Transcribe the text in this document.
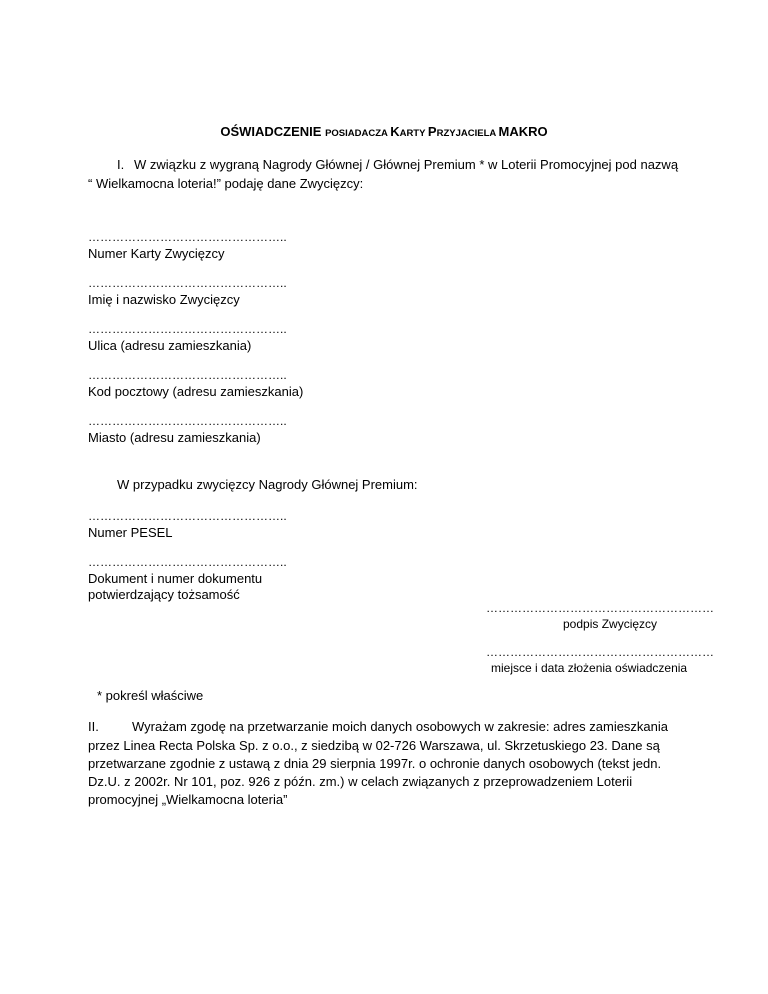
OŚWIADCZENIE POSIADACZA KARTY PRZYJACIELA MAKRO
I. W związku z wygraną Nagrody Głównej / Głównej Premium * w Loterii Promocyjnej pod nazwą
“ Wielkamocna loteria!” podaję dane Zwycięzcy:
…………………………………………..
Numer Karty Zwycięzcy
…………………………………………..
Imię i nazwisko Zwycięzcy
…………………………………………..
Ulica (adresu zamieszkania)
…………………………………………..
Kod pocztowy (adresu zamieszkania)
…………………………………………..
Miasto (adresu zamieszkania)
W przypadku zwycięzcy Nagrody Głównej Premium:
…………………………………………..
Numer PESEL
…………………………………………..
Dokument i numer dokumentu
potwierdzający tożsamość
…………………………………………………
podpis Zwycięzcy
…………………………………………………
miejsce i data złożenia oświadczenia
* pokreśl właściwe
II.	Wyrażam zgodę na przetwarzanie moich danych osobowych w zakresie: adres zamieszkania
przez Linea Recta Polska Sp. z o.o., z siedzibą w 02-726 Warszawa, ul. Skrzetuskiego 23. Dane są
przetwarzane zgodnie z ustawą z dnia 29 sierpnia 1997r. o ochronie danych osobowych (tekst jedn.
Dz.U. z 2002r. Nr 101, poz. 926 z późn. zm.) w celach związanych z przeprowadzeniem Loterii
promocyjnej „Wielkamocna loteria”
